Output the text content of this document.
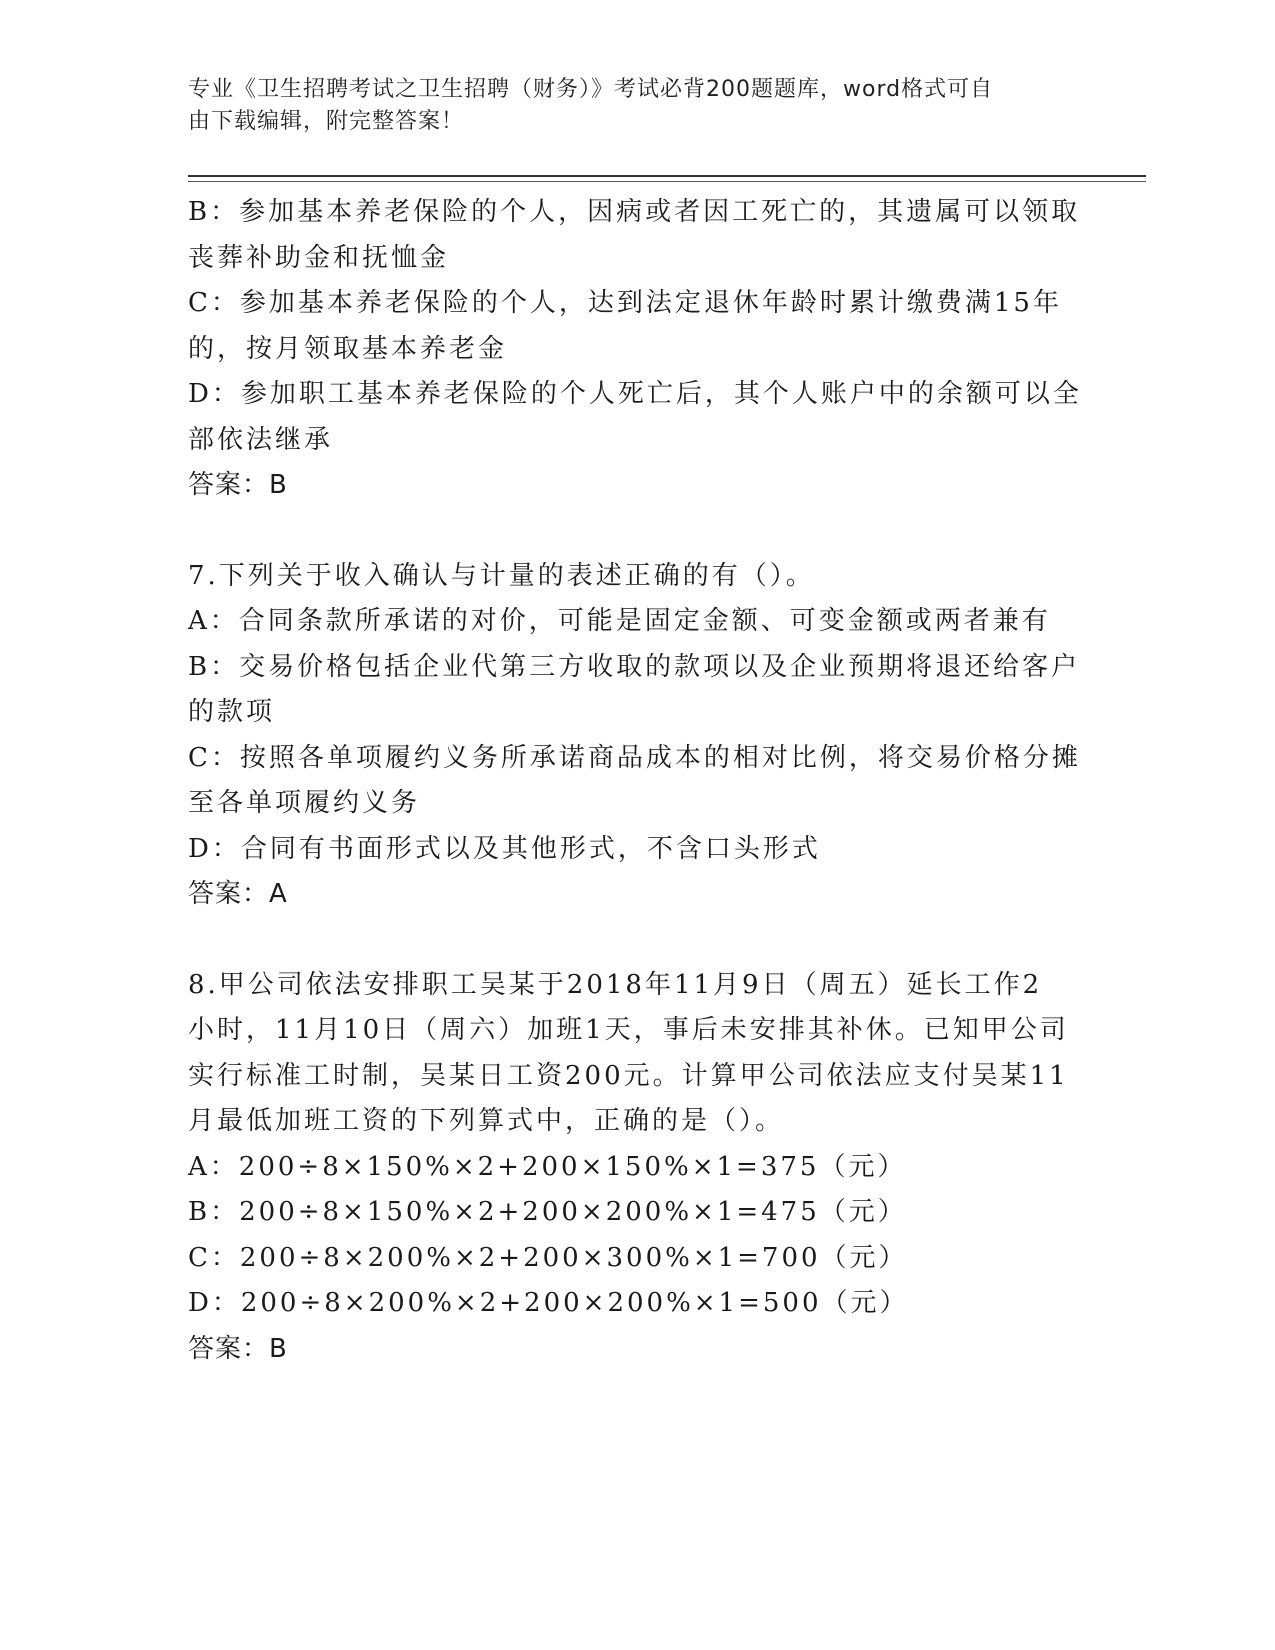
专业《卫生招聘考试之卫生招聘（财务）》考试必背200题题库，word格式可自
由下载编辑，附完整答案！
B：参加基本养老保险的个人，因病或者因工死亡的，其遗属可以领取
丧葬补助金和抚恤金
C：参加基本养老保险的个人，达到法定退休年龄时累计缴费满15年
的，按月领取基本养老金
D：参加职工基本养老保险的个人死亡后，其个人账户中的余额可以全
部依法继承
答案：B
7.下列关于收入确认与计量的表述正确的有（）。
A：合同条款所承诺的对价，可能是固定金额、可变金额或两者兼有
B：交易价格包括企业代第三方收取的款项以及企业预期将退还给客户
的款项
C：按照各单项履约义务所承诺商品成本的相对比例，将交易价格分摊
至各单项履约义务
D：合同有书面形式以及其他形式，不含口头形式
答案：A
8.甲公司依法安排职工吴某于2018年11月9日（周五）延长工作2
小时，11月10日（周六）加班1天，事后未安排其补休。已知甲公司
实行标准工时制，吴某日工资200元。计算甲公司依法应支付吴某11
月最低加班工资的下列算式中，正确的是（）。
A：200÷8×150%×2+200×150%×1=375（元）
B：200÷8×150%×2+200×200%×1=475（元）
C：200÷8×200%×2+200×300%×1=700（元）
D：200÷8×200%×2+200×200%×1=500（元）
答案：B
